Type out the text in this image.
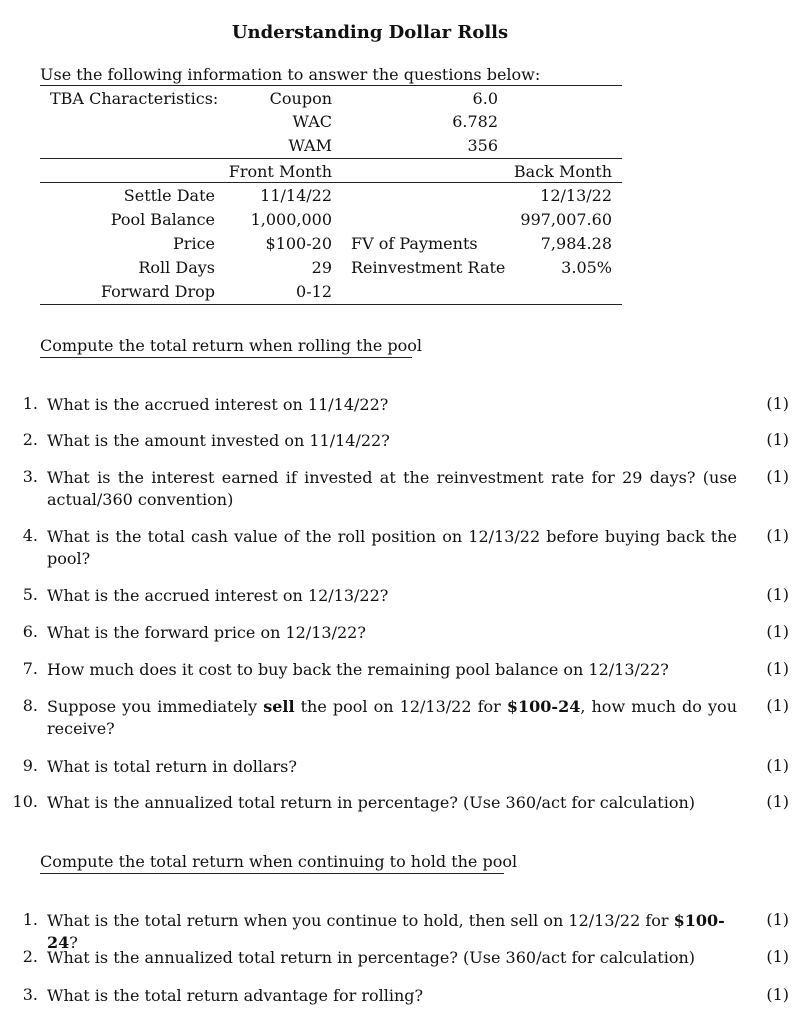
Understanding Dollar Rolls
Use the following information to answer the questions below:
TBA Characteristics:	Coupon	6.0
WAC	6.782
WAM	356
Front Month	Back Month
Settle Date	11/14/22	12/13/22
Pool Balance	1,000,000	997,007.60
Price	$100-20 FV of Payments	7,984.28
Roll Days	29 Reinvestment Rate	3.05%
Forward Drop	0-12
Compute the total return when rolling the pool
1. What is the accrued interest on 11/14/22?	(1)
2. What is the amount invested on 11/14/22?	(1)
3. What is the interest earned if invested at the reinvestment rate for 29 days? (use actual/360 convention)
(1)
4. What is the total cash value of the roll position on 12/13/22 before buying back the pool?
(1)
5. What is the accrued interest on 12/13/22?	(1)
6. What is the forward price on 12/13/22?	(1)
7. How much does it cost to buy back the remaining pool balance on 12/13/22?	(1)
8. Suppose you immediately sell the pool on 12/13/22 for $100-24, how much do you receive?
(1)
9. What is total return in dollars?	(1)
10. What is the annualized total return in percentage? (Use 360/act for calculation)	(1)
Compute the total return when continuing to hold the pool
1. What is the total return when you continue to hold, then sell on 12/13/22 for $100-24?
(1)
2. What is the annualized total return in percentage? (Use 360/act for calculation)	(1)
3. What is the total return advantage for rolling?	(1)
